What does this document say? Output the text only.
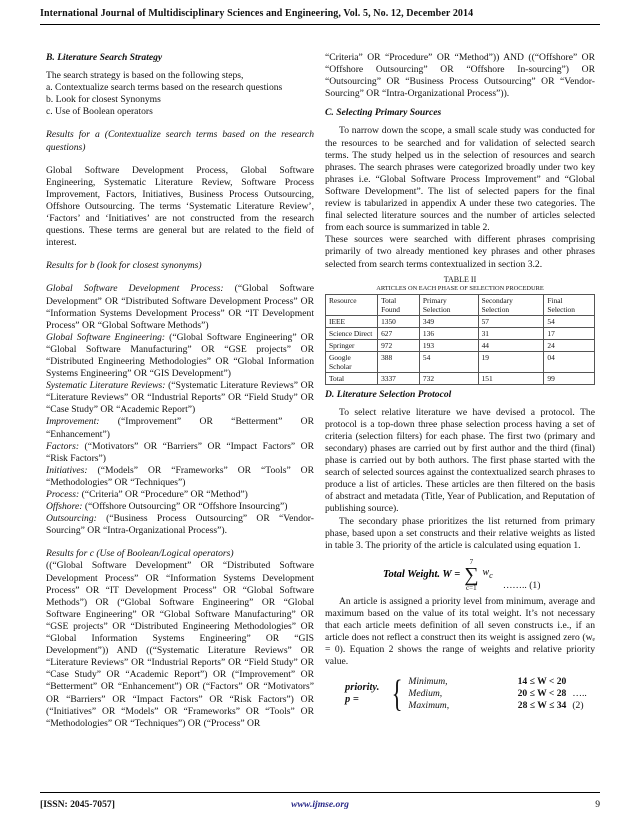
International Journal of Multidisciplinary Sciences and Engineering, Vol. 5, No. 12, December 2014

B. Literature Search Strategy

The search strategy is based on the following steps,

a. Contextualize search terms based on the research questions

b. Look for closest Synonyms

c. Use of Boolean operators

Results for a (Contextualize search terms based on the research questions)

Global Software Development Process, Global Software Engineering, Systematic Literature Review, Software Process Improvement, Factors, Initiatives, Business Process Outsourcing, Offshore Outsourcing. The terms ‘Systematic Literature Review’, ‘Factors’ and ‘Initiatives’ are not constructed from the research questions. These terms are general but are related to the field of interest.

Results for b (look for closest synonyms)

Global Software Development Process: (“Global Software Development” OR “Distributed Software Development Process” OR “Information Systems Development Process” OR “IT Development Process” OR “Global Software Methods”)

Global Software Engineering: (“Global Software Engineering” OR “Global Software Manufacturing” OR “GSE projects” OR “Distributed Engineering Methodologies” OR “Global Information Systems Engineering” OR “GIS Development”)

Systematic Literature Reviews: (“Systematic Literature Reviews” OR “Literature Reviews” OR “Industrial Reports” OR “Field Study” OR “Case Study” OR “Academic Report”)

Improvement: (“Improvement” OR “Betterment” OR “Enhancement”)

Factors: (“Motivators” OR “Barriers” OR “Impact Factors” OR “Risk Factors”)

Initiatives: (“Models” OR “Frameworks” OR “Tools” OR “Methodologies” OR “Techniques”)

Process: (“Criteria” OR “Procedure” OR “Method”)

Offshore: (“Offshore Outsourcing” OR “Offshore Insourcing”)

Outsourcing: (“Business Process Outsourcing” OR “Vendor-Sourcing” OR “Intra-Organizational Process”).

Results for c (Use of Boolean/Logical operators)

((“Global Software Development” OR “Distributed Software Development Process” OR “Information Systems Development Process” OR “IT Development Process” OR “Global Software Methods”) OR (“Global Software Engineering” OR “Global Software Engineering” OR “Global Software Manufacturing” OR “GSE projects” OR “Distributed Engineering Methodologies” OR “Global Information Systems Engineering” OR “GIS Development”)) AND ((“Systematic Literature Reviews” OR “Literature Reviews” OR “Industrial Reports” OR “Field Study” OR “Case Study” OR “Academic Report”) OR (“Improvement” OR “Betterment” OR “Enhancement”) OR (“Factors” OR “Motivators” OR “Barriers” OR “Impact Factors” OR “Risk Factors”) OR (“Initiatives” OR “Models” OR “Frameworks” OR “Tools” OR “Methodologies” OR “Techniques”) OR (“Process” OR

“Criteria” OR “Procedure” OR “Method”)) AND ((“Offshore” OR “Offshore Outsourcing” OR “Offshore In-sourcing”) OR “Outsourcing” OR “Business Process Outsourcing” OR “Vendor-Sourcing” OR “Intra-Organizational Process”)).

C. Selecting Primary Sources

To narrow down the scope, a small scale study was conducted for the resources to be searched and for validation of selected search terms. The study helped us in the selection of resources and search phrases. The search phrases were categorized broadly under two key phrases i.e. “Global Software Process Improvement” and “Global Software Development”. The list of selected papers for the final review is tabularized in appendix A under these two categories. The final selected literature sources and the number of articles selected from each source is summarized in table 2.

These sources were searched with different phrases comprising primarily of two already mentioned key phrases and other phrases selected from search terms contextualized in section 3.2.

TABLE II
ARTICLES ON EACH PHASE OF SELECTION PROCEDURE
Resource	Total Found	Primary Selection	Secondary Selection	Final Selection
IEEE	1350	349	57	54
Science Direct	627	136	31	17
Springer	972	193	44	24
Google Scholar	388	54	19	04
Total	3337	732	151	99

D. Literature Selection Protocol

To select relative literature we have devised a protocol. The protocol is a top-down three phase selection process having a set of criteria (selection filters) for each phase. The first two (primary and secondary) phases are carried out by first author and the third (final) phase is carried out by both authors. The first phase started with the search of selected sources against the contextualized search phrases to produce a list of articles. These articles are then filtered on the basis of abstract and metadata (Title, Year of Publication, and Reputation of publishing source).

The secondary phase prioritizes the list returned from primary phase, based upon a set constructs and their relative weights as listed in table 3. The priority of the article is calculated using equation 1.

Total Weight. W =
7
∑
c=1
$w_c$
…….. (1)

An article is assigned a priority level from minimum, average and maximum based on the value of its total weight. It’s not necessary that each article meets definition of all seven constructs i.e., if an article does not reflect a construct then its weight is assigned zero (wₑ = 0). Equation 2 shows the range of weights and relative priority value.

priority. p = { Minimum,	14 ≤ W < 20
Medium,	20 ≤ W < 28
Maximum,	28 ≤ W ≤ 34
….. (2)
[ISSN: 2045-7057]	www.ijmse.org	9
